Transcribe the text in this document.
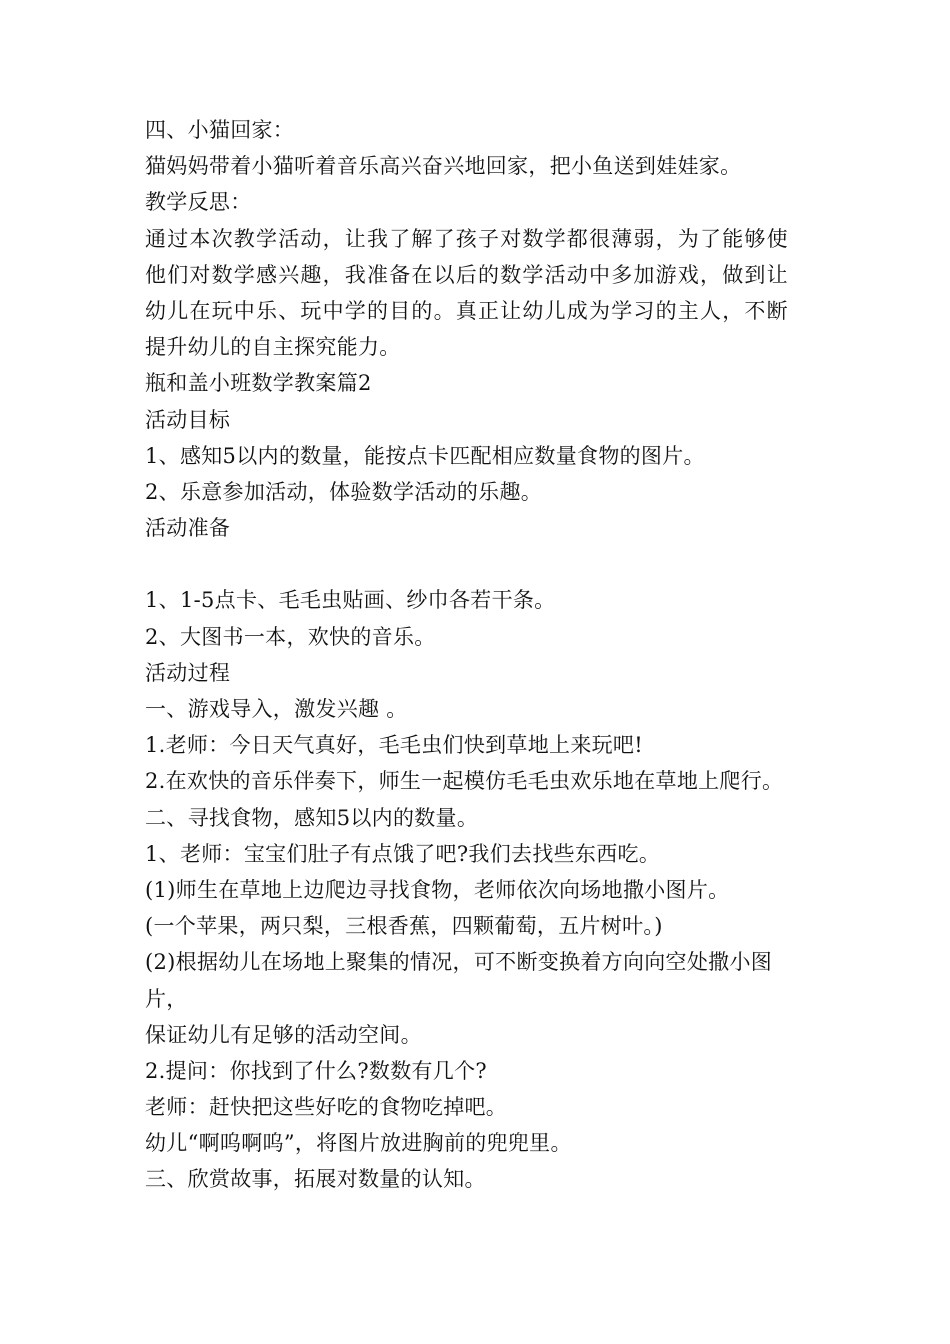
四、小猫回家：
猫妈妈带着小猫听着音乐高兴奋兴地回家，把小鱼送到娃娃家。
教学反思：
通过本次教学活动，让我了解了孩子对数学都很薄弱，为了能够使
他们对数学感兴趣，我准备在以后的数学活动中多加游戏，做到让
幼儿在玩中乐、玩中学的目的。真正让幼儿成为学习的主人，不断
提升幼儿的自主探究能力。
瓶和盖小班数学教案篇2
活动目标
1、感知5以内的数量，能按点卡匹配相应数量食物的图片。
2、乐意参加活动，体验数学活动的乐趣。
活动准备
1、1-5点卡、毛毛虫贴画、纱巾各若干条。
2、大图书一本，欢快的音乐。
活动过程
一、游戏导入，激发兴趣 。
1.老师：今日天气真好，毛毛虫们快到草地上来玩吧!
2.在欢快的音乐伴奏下，师生一起模仿毛毛虫欢乐地在草地上爬行。
二、寻找食物，感知5以内的数量。
1、老师：宝宝们肚子有点饿了吧?我们去找些东西吃。
(1)师生在草地上边爬边寻找食物，老师依次向场地撒小图片。
(一个苹果，两只梨，三根香蕉，四颗葡萄，五片树叶。)
(2)根据幼儿在场地上聚集的情况，可不断变换着方向向空处撒小图
片，
保证幼儿有足够的活动空间。
2.提问：你找到了什么?数数有几个?
老师：赶快把这些好吃的食物吃掉吧。
幼儿“啊呜啊呜”，将图片放进胸前的兜兜里。
三、欣赏故事，拓展对数量的认知。
